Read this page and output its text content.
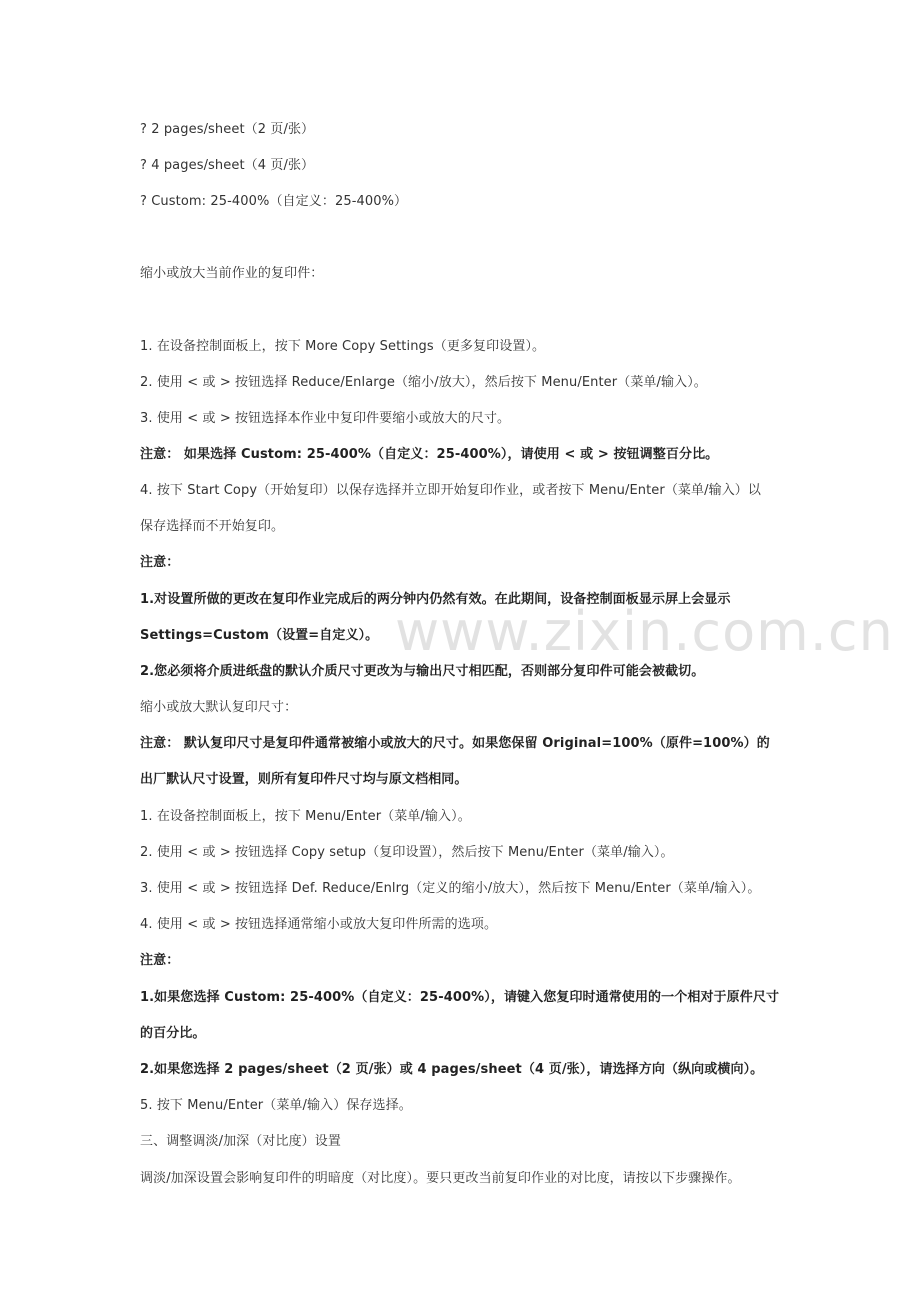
www.zixin.com.cn
? 2 pages/sheet（2 页/张）
? 4 pages/sheet（4 页/张）
? Custom: 25-400%（自定义：25-400%）
缩小或放大当前作业的复印件：
1. 在设备控制面板上，按下 More Copy Settings（更多复印设置）。
2. 使用 < 或 > 按钮选择 Reduce/Enlarge（缩小/放大），然后按下 Menu/Enter（菜单/输入）。
3. 使用 < 或 > 按钮选择本作业中复印件要缩小或放大的尺寸。
注意： 如果选择 Custom: 25-400%（自定义：25-400%），请使用 < 或 > 按钮调整百分比。
4. 按下 Start Copy（开始复印）以保存选择并立即开始复印作业，或者按下 Menu/Enter（菜单/输入）以
保存选择而不开始复印。
注意：
1.对设置所做的更改在复印作业完成后的两分钟内仍然有效。在此期间，设备控制面板显示屏上会显示
Settings=Custom（设置=自定义）。
2.您必须将介质进纸盘的默认介质尺寸更改为与输出尺寸相匹配，否则部分复印件可能会被截切。
缩小或放大默认复印尺寸：
注意： 默认复印尺寸是复印件通常被缩小或放大的尺寸。如果您保留 Original=100%（原件=100%）的
出厂默认尺寸设置，则所有复印件尺寸均与原文档相同。
1. 在设备控制面板上，按下 Menu/Enter（菜单/输入）。
2. 使用 < 或 > 按钮选择 Copy setup（复印设置），然后按下 Menu/Enter（菜单/输入）。
3. 使用 < 或 > 按钮选择 Def. Reduce/Enlrg（定义的缩小/放大），然后按下 Menu/Enter（菜单/输入）。
4. 使用 < 或 > 按钮选择通常缩小或放大复印件所需的选项。
注意：
1.如果您选择 Custom: 25-400%（自定义：25-400%），请键入您复印时通常使用的一个相对于原件尺寸
的百分比。
2.如果您选择 2 pages/sheet（2 页/张）或 4 pages/sheet（4 页/张），请选择方向（纵向或横向）。
5. 按下 Menu/Enter（菜单/输入）保存选择。
三、调整调淡/加深（对比度）设置
调淡/加深设置会影响复印件的明暗度（对比度）。要只更改当前复印作业的对比度，请按以下步骤操作。
